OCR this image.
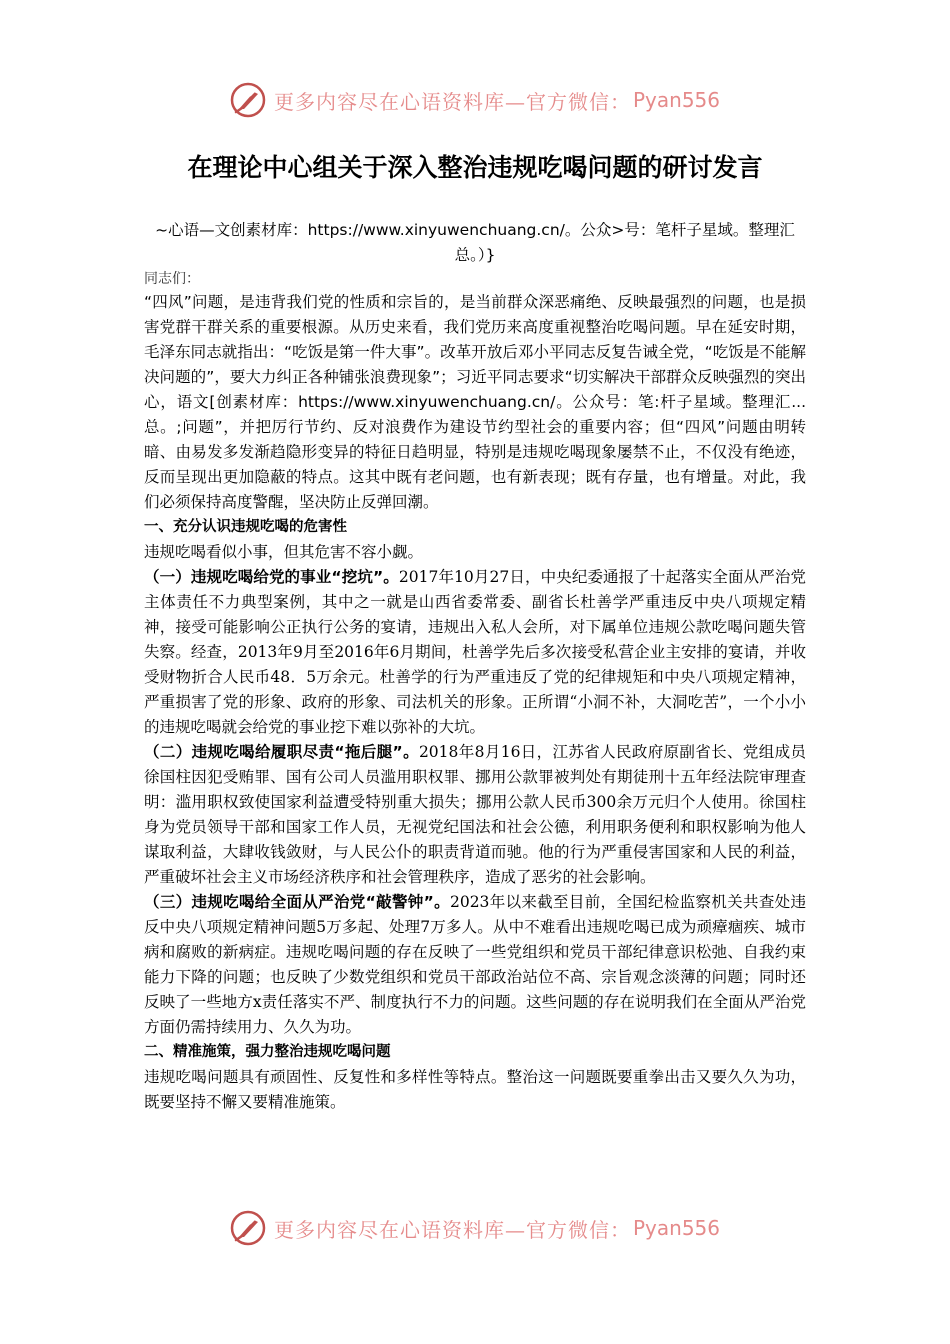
更多内容尽在心语资料库—官方微信： Pyan556
在理论中心组关于深入整治违规吃喝问题的研讨发言

~心语—文创素材库：https://www.xinyuwenchuang.cn/。公众>号：笔杆子星域。整理汇总。）}

同志们：

“四风”问题，是违背我们党的性质和宗旨的，是当前群众深恶痛绝、反映最强烈的问题，也是损害党群干群关系的重要根源。从历史来看，我们党历来高度重视整治吃喝问题。早在延安时期，毛泽东同志就指出：“吃饭是第一件大事”。改革开放后邓小平同志反复告诫全党，“吃饭是不能解决问题的”，要大力纠正各种铺张浪费现象”；习近平同志要求“切实解决干部群众反映强烈的突出心，语文[创素材库：https://www.xinyuwenchuang.cn/。公众号：笔:杆子星域。整理汇...总。;问题”，并把厉行节约、反对浪费作为建设节约型社会的重要内容；但“四风”问题由明转暗、由易发多发渐趋隐形变异的特征日趋明显，特别是违规吃喝现象屡禁不止，不仅没有绝迹，反而呈现出更加隐蔽的特点。这其中既有老问题，也有新表现；既有存量，也有增量。对此，我们必须保持高度警醒，坚决防止反弹回潮。

一、充分认识违规吃喝的危害性

违规吃喝看似小事，但其危害不容小觑。

（一）违规吃喝给党的事业“挖坑”。2017年10月27日，中央纪委通报了十起落实全面从严治党主体责任不力典型案例，其中之一就是山西省委常委、副省长杜善学严重违反中央八项规定精神，接受可能影响公正执行公务的宴请，违规出入私人会所，对下属单位违规公款吃喝问题失管失察。经查，2013年9月至2016年6月期间，杜善学先后多次接受私营企业主安排的宴请，并收受财物折合人民币48．5万余元。杜善学的行为严重违反了党的纪律规矩和中央八项规定精神，严重损害了党的形象、政府的形象、司法机关的形象。正所谓“小洞不补，大洞吃苦”，一个小小的违规吃喝就会给党的事业挖下难以弥补的大坑。

（二）违规吃喝给履职尽责“拖后腿”。2018年8月16日，江苏省人民政府原副省长、党组成员徐国柱因犯受贿罪、国有公司人员滥用职权罪、挪用公款罪被判处有期徒刑十五年经法院审理查明：滥用职权致使国家利益遭受特别重大损失；挪用公款人民币300余万元归个人使用。徐国柱身为党员领导干部和国家工作人员，无视党纪国法和社会公德，利用职务便利和职权影响为他人谋取利益，大肆收钱敛财，与人民公仆的职责背道而驰。他的行为严重侵害国家和人民的利益，严重破坏社会主义市场经济秩序和社会管理秩序，造成了恶劣的社会影响。

（三）违规吃喝给全面从严治党“敲警钟”。2023年以来截至目前，全国纪检监察机关共查处违反中央八项规定精神问题5万多起、处理7万多人。从中不难看出违规吃喝已成为顽瘴痼疾、城市病和腐败的新病症。违规吃喝问题的存在反映了一些党组织和党员干部纪律意识松弛、自我约束能力下降的问题；也反映了少数党组织和党员干部政治站位不高、宗旨观念淡薄的问题；同时还反映了一些地方x责任落实不严、制度执行不力的问题。这些问题的存在说明我们在全面从严治党方面仍需持续用力、久久为功。

二、精准施策，强力整治违规吃喝问题

违规吃喝问题具有顽固性、反复性和多样性等特点。整治这一问题既要重拳出击又要久久为功，既要坚持不懈又要精准施策。

更多内容尽在心语资料库—官方微信： Pyan556
